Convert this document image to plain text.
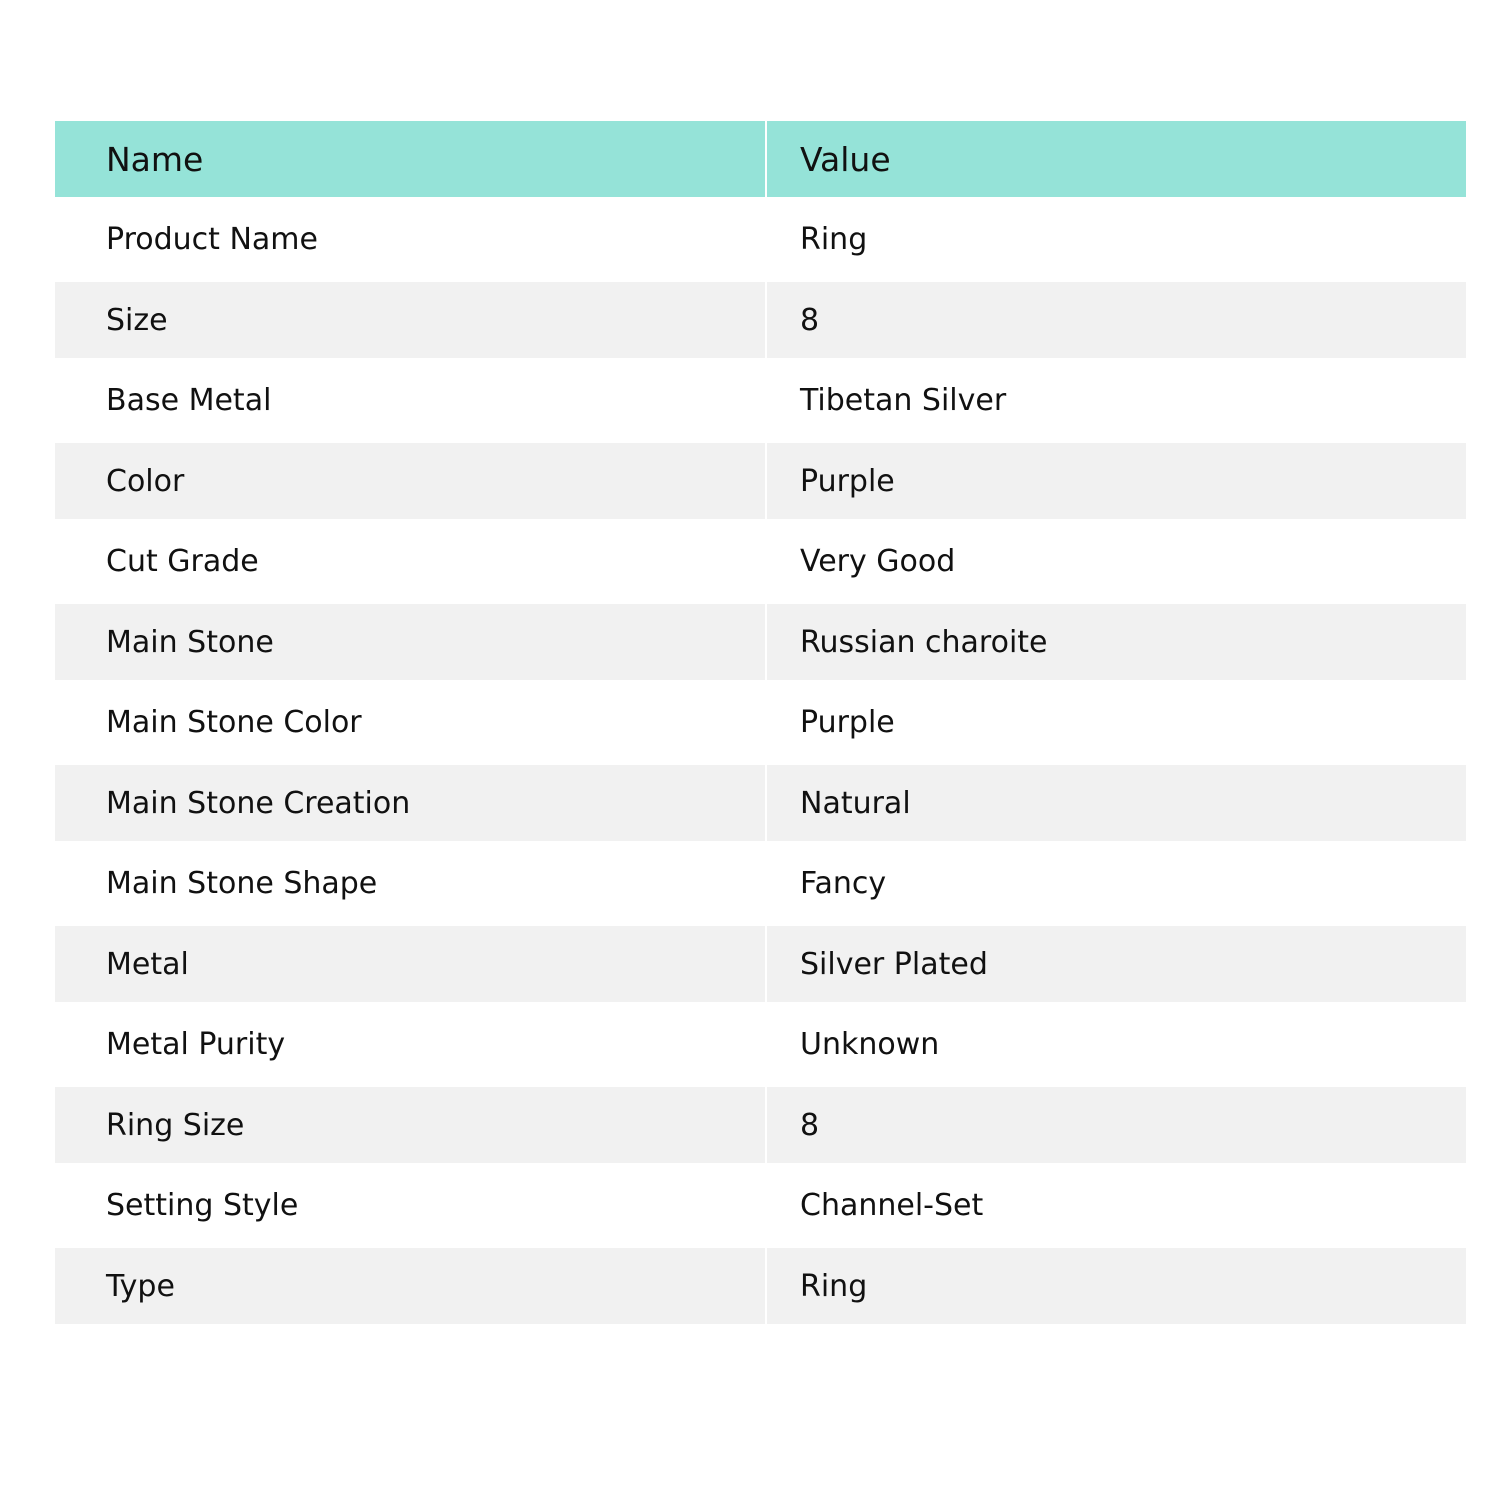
Name	Value
Product Name	Ring
Size	8
Base Metal	Tibetan Silver
Color	Purple
Cut Grade	Very Good
Main Stone	Russian charoite
Main Stone Color	Purple
Main Stone Creation	Natural
Main Stone Shape	Fancy
Metal	Silver Plated
Metal Purity	Unknown
Ring Size	8
Setting Style	Channel-Set
Type	Ring
